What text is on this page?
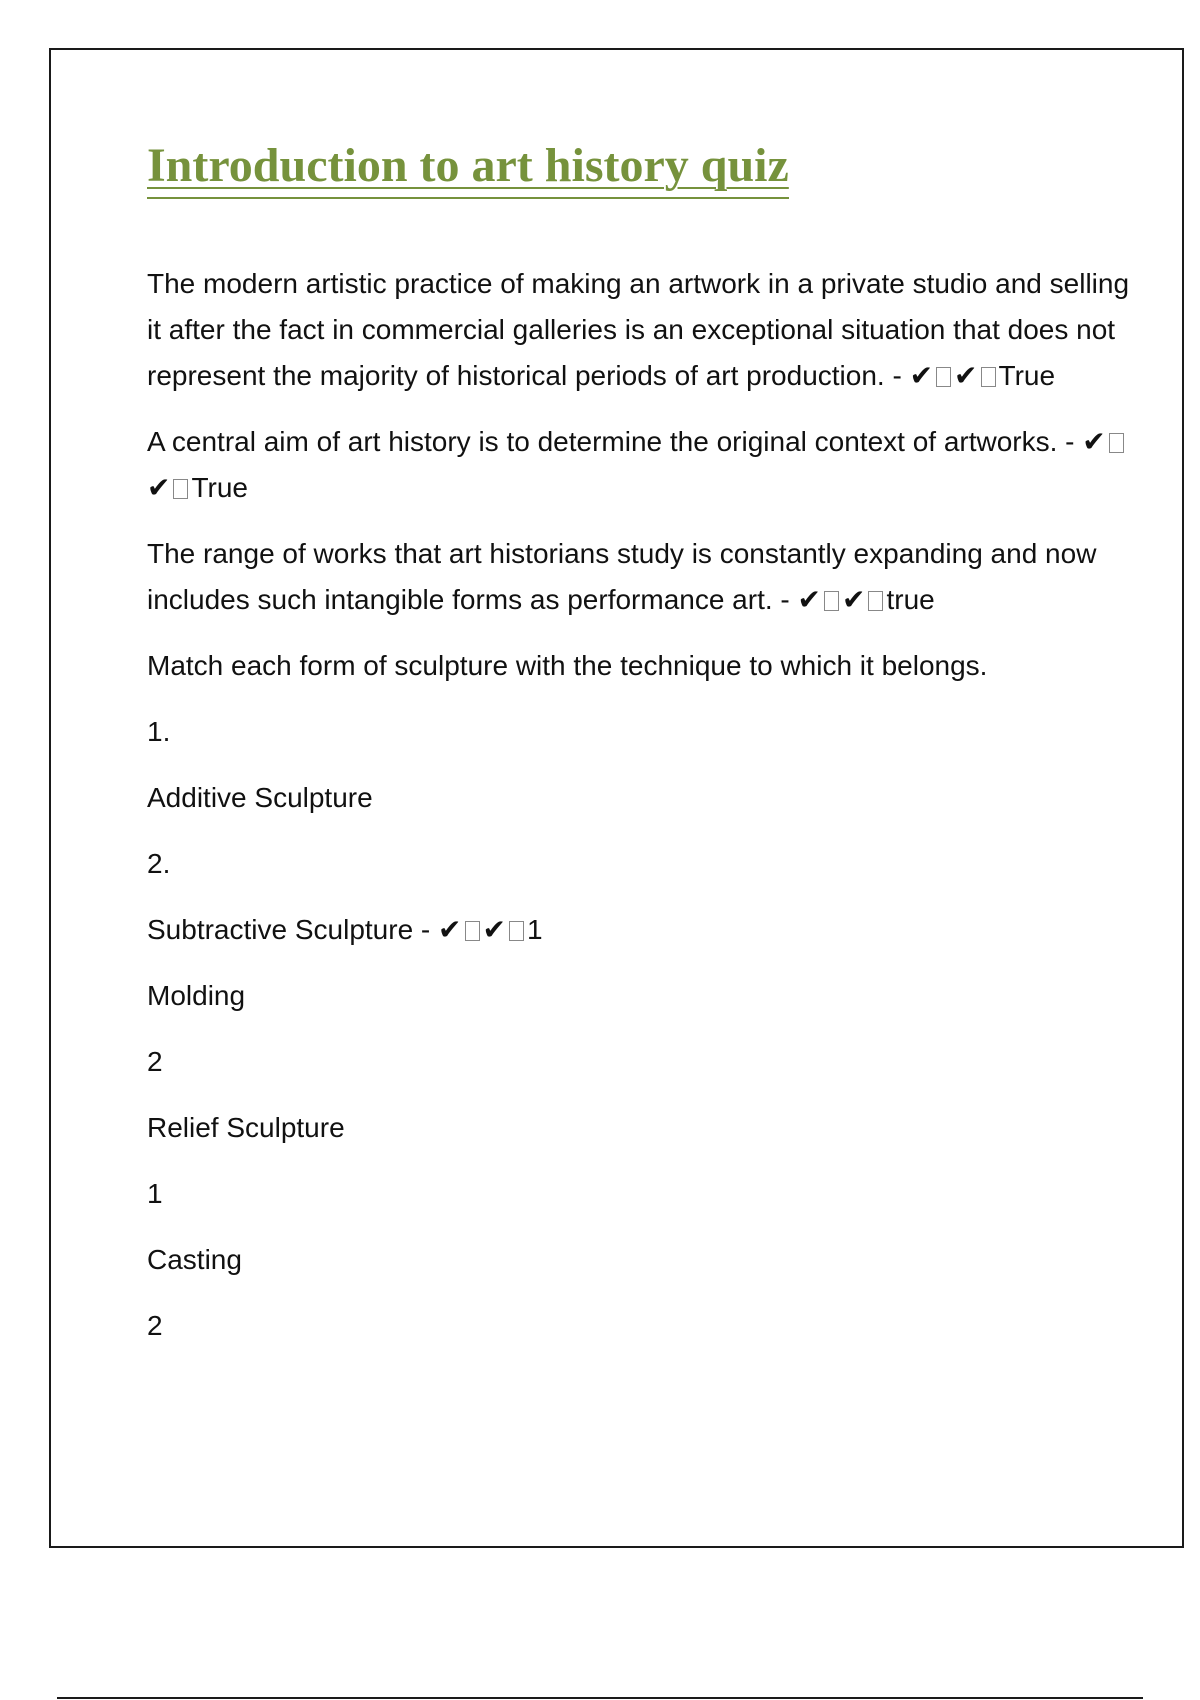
Introduction to art history quiz

The modern artistic practice of making an artwork in a private studio and selling it after the fact in commercial galleries is an exceptional situation that does not represent the majority of historical periods of art production. - ✔ ✔ True

A central aim of art history is to determine the original context of artworks. - ✔✔ True

The range of works that art historians study is constantly expanding and now includes such intangible forms as performance art. - ✔ ✔ true

Match each form of sculpture with the technique to which it belongs.

1.

Additive Sculpture

2.

Subtractive Sculpture - ✔ ✔ 1

Molding

2

Relief Sculpture

1

Casting

2
